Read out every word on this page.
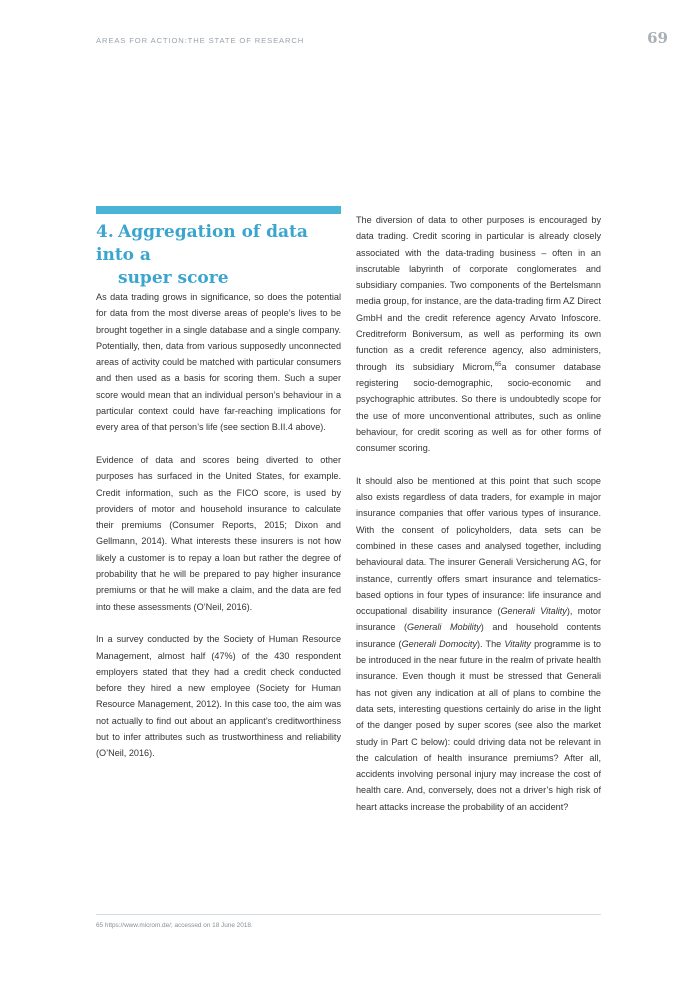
AREAS FOR ACTION:THE STATE OF RESEARCH	69
4. Aggregation of data into a
super score

As data trading grows in significance, so does the potential for data from the most diverse areas of people’s lives to be brought together in a single database and a single company. Potentially, then, data from various supposedly unconnected areas of activity could be matched with particular consumers and then used as a basis for scoring them. Such a super score would mean that an individual person’s behaviour in a particular context could have far-reaching implications for every area of that person’s life (see section B.II.4 above).

Evidence of data and scores being diverted to other purposes has surfaced in the United States, for example. Credit information, such as the FICO score, is used by providers of motor and household insurance to calculate their premiums (Consumer Reports, 2015; Dixon and Gellmann, 2014). What interests these insurers is not how likely a customer is to repay a loan but rather the degree of probability that he will be prepared to pay higher insurance premiums or that he will make a claim, and the data are fed into these assessments (O’Neil, 2016).

In a survey conducted by the Society of Human Resource Management, almost half (47%) of the 430 respondent employers stated that they had a credit check conducted before they hired a new employee (Society for Human Resource Management, 2012). In this case too, the aim was not actually to find out about an applicant’s creditworthiness but to infer attributes such as trustworthiness and reliability (O’Neil, 2016).

The diversion of data to other purposes is encouraged by data trading. Credit scoring in particular is already closely associated with the data-trading business – often in an inscrutable labyrinth of corporate conglomerates and subsidiary companies. Two components of the Bertelsmann media group, for instance, are the data-trading firm AZ Direct GmbH and the credit reference agency Arvato Infoscore. Creditreform Boniversum, as well as performing its own function as a credit reference agency, also administers, through its subsidiary Microm,$^{65}$a consumer database registering socio-demographic, socio-economic and psychographic attributes. So there is undoubtedly scope for the use of more unconventional attributes, such as online behaviour, for credit scoring as well as for other forms of consumer scoring.

It should also be mentioned at this point that such scope also exists regardless of data traders, for example in major insurance companies that offer various types of insurance. With the consent of policyholders, data sets can be combined in these cases and analysed together, including behavioural data. The insurer Generali Versicherung AG, for instance, currently offers smart insurance and telematics-based options in four types of insurance: life insurance and occupational disability insurance (Generali Vitality), motor insurance (Generali Mobility) and household contents insurance (Generali Domocity). The Vitality programme is to be introduced in the near future in the realm of private health insurance. Even though it must be stressed that Generali has not given any indication at all of plans to combine the data sets, interesting questions certainly do arise in the light of the danger posed by super scores (see also the market study in Part C below): could driving data not be relevant in the calculation of health insurance premiums? After all, accidents involving personal injury may increase the cost of health care. And, conversely, does not a driver’s high risk of heart attacks increase the probability of an accident?

65 https://www.microm.de/; accessed on 18 June 2018.
